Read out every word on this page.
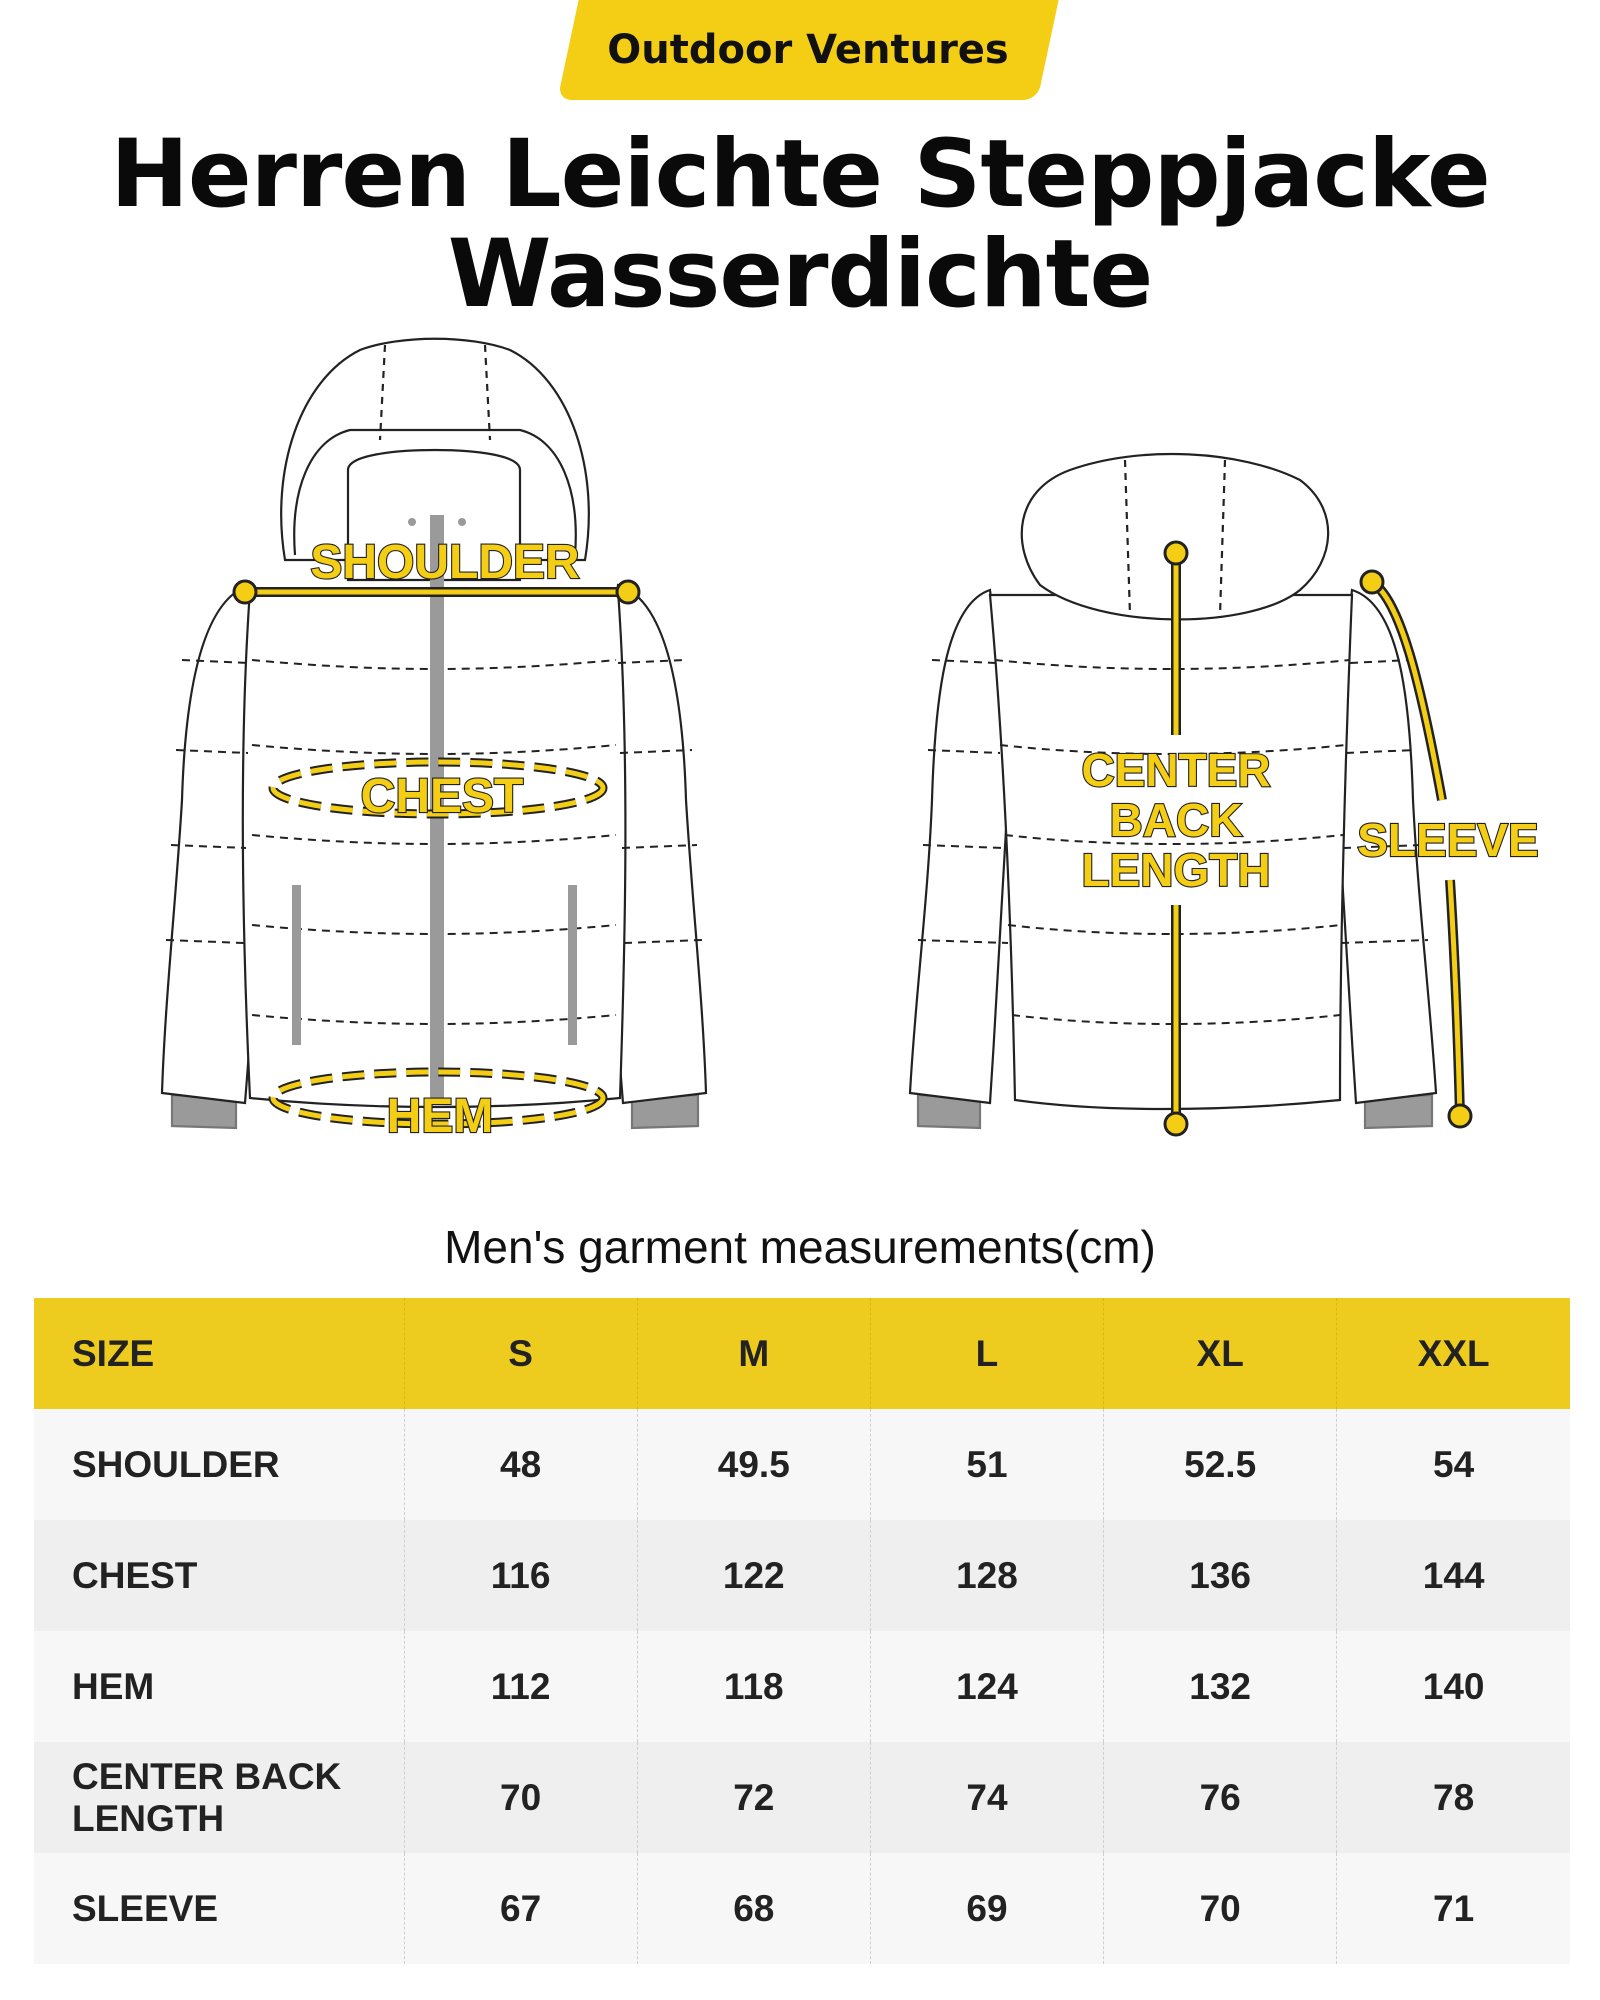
Outdoor Ventures
Herren Leichte Steppjacke
Wasserdichte
SHOULDER
CHEST
HEM
CENTER
BACK
LENGTH
SLEEVE
Men's garment measurements(cm)
SIZE	S	M	L	XL	XXL
SHOULDER	48	49.5	51	52.5	54
CHEST	116	122	128	136	144
HEM	112	118	124	132	140

CENTER BACK
LENGTH	70	72	74	76	78
SLEEVE	67	68	69	70	71
